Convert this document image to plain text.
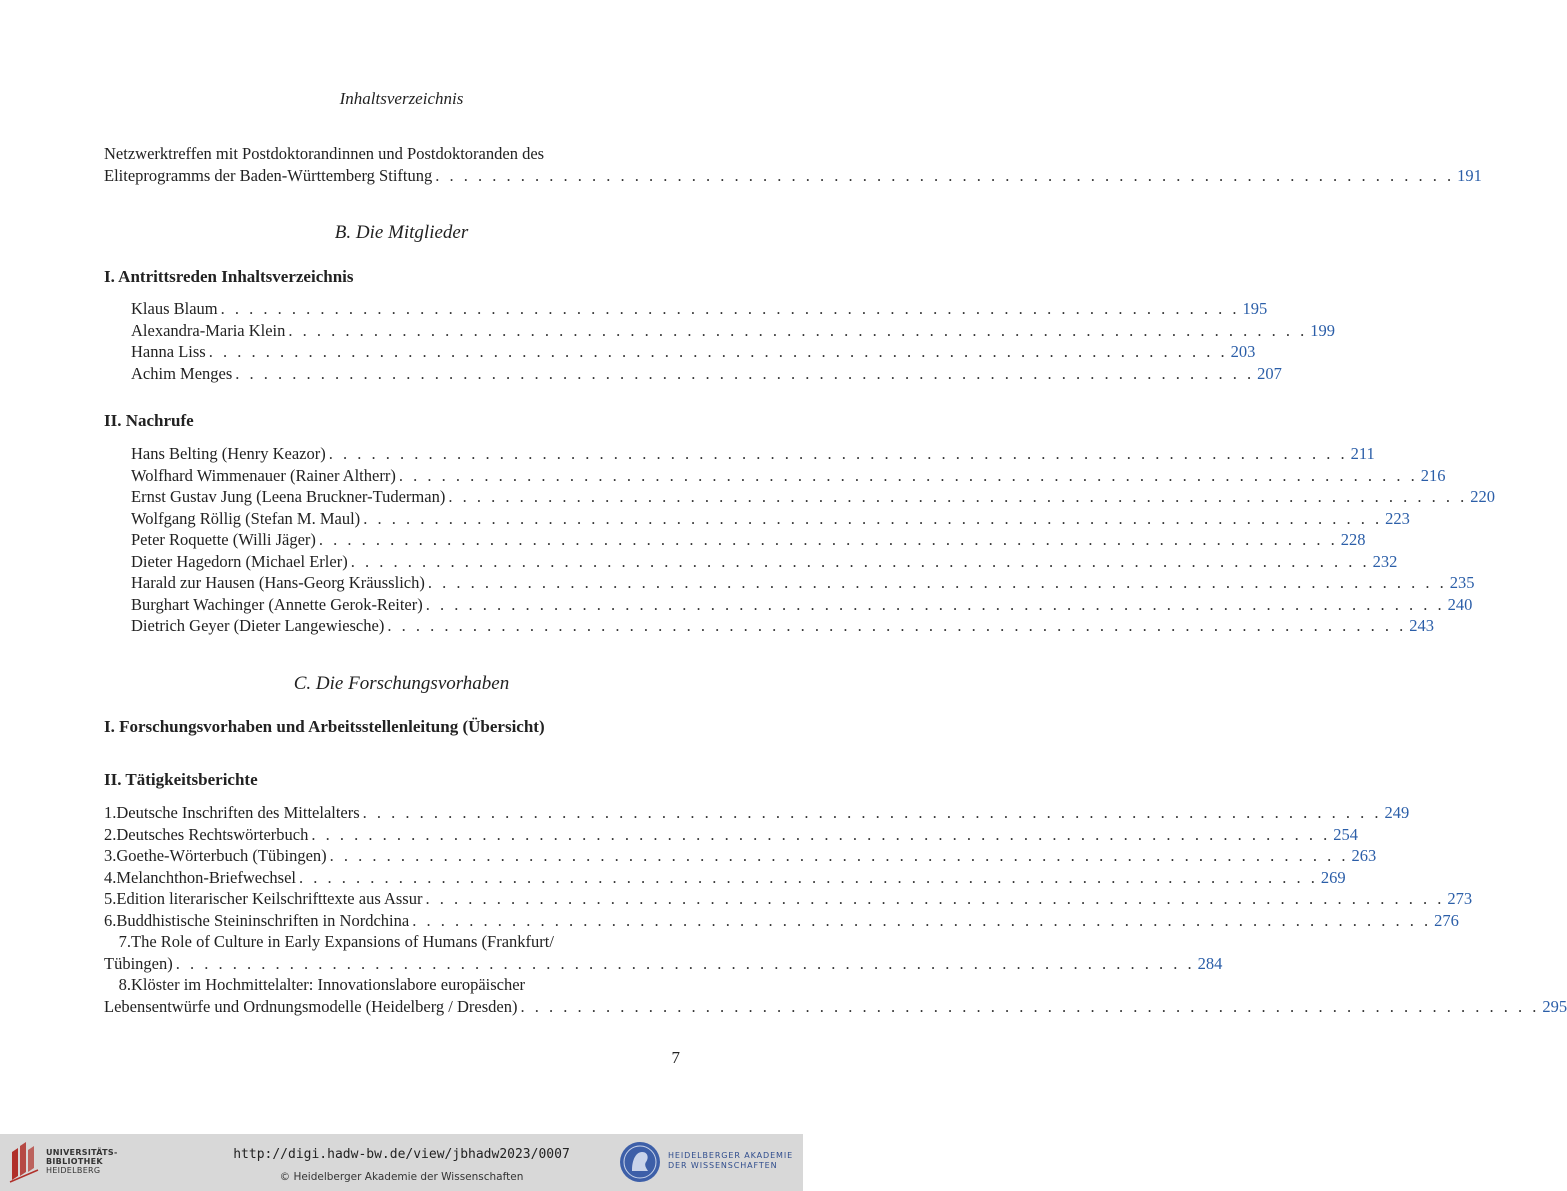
Inhaltsverzeichnis
Netzwerktreffen mit Postdoktorandinnen und Postdoktoranden des
Eliteprogramms der Baden-Württemberg Stiftung . . . . . . . . . . . . . . . . . . . . . . . . . . . . . . . . . . . . . . . . . . . . . . . . . . . . . . . . . . . . . . . . . . . . . . . . 191
B. Die Mitglieder
I. Antrittsreden Inhaltsverzeichnis
Klaus Blaum . . . . . . . . . . . . . . . . . . . . . . . . . . . . . . . . . . . . . . . . . . . . . . . . . . . . . . . . . . . . . . . . . . . . . . . . 195
Alexandra-Maria Klein . . . . . . . . . . . . . . . . . . . . . . . . . . . . . . . . . . . . . . . . . . . . . . . . . . . . . . . . . . . . . . . . . . . . . . . . 199
Hanna Liss . . . . . . . . . . . . . . . . . . . . . . . . . . . . . . . . . . . . . . . . . . . . . . . . . . . . . . . . . . . . . . . . . . . . . . . . 203
Achim Menges . . . . . . . . . . . . . . . . . . . . . . . . . . . . . . . . . . . . . . . . . . . . . . . . . . . . . . . . . . . . . . . . . . . . . . . . 207
II. Nachrufe
Hans Belting (Henry Keazor) . . . . . . . . . . . . . . . . . . . . . . . . . . . . . . . . . . . . . . . . . . . . . . . . . . . . . . . . . . . . . . . . . . . . . . . . 211
Wolfhard Wimmenauer (Rainer Altherr) . . . . . . . . . . . . . . . . . . . . . . . . . . . . . . . . . . . . . . . . . . . . . . . . . . . . . . . . . . . . . . . . . . . . . . . . 216
Ernst Gustav Jung (Leena Bruckner-Tuderman) . . . . . . . . . . . . . . . . . . . . . . . . . . . . . . . . . . . . . . . . . . . . . . . . . . . . . . . . . . . . . . . . . . . . . . . . 220
Wolfgang Röllig (Stefan M. Maul) . . . . . . . . . . . . . . . . . . . . . . . . . . . . . . . . . . . . . . . . . . . . . . . . . . . . . . . . . . . . . . . . . . . . . . . . 223
Peter Roquette (Willi Jäger) . . . . . . . . . . . . . . . . . . . . . . . . . . . . . . . . . . . . . . . . . . . . . . . . . . . . . . . . . . . . . . . . . . . . . . . . 228
Dieter Hagedorn (Michael Erler) . . . . . . . . . . . . . . . . . . . . . . . . . . . . . . . . . . . . . . . . . . . . . . . . . . . . . . . . . . . . . . . . . . . . . . . . 232
Harald zur Hausen (Hans-Georg Kräusslich) . . . . . . . . . . . . . . . . . . . . . . . . . . . . . . . . . . . . . . . . . . . . . . . . . . . . . . . . . . . . . . . . . . . . . . . . 235
Burghart Wachinger (Annette Gerok-Reiter) . . . . . . . . . . . . . . . . . . . . . . . . . . . . . . . . . . . . . . . . . . . . . . . . . . . . . . . . . . . . . . . . . . . . . . . . 240
Dietrich Geyer (Dieter Langewiesche) . . . . . . . . . . . . . . . . . . . . . . . . . . . . . . . . . . . . . . . . . . . . . . . . . . . . . . . . . . . . . . . . . . . . . . . . 243
C. Die Forschungsvorhaben
I. Forschungsvorhaben und Arbeitsstellenleitung (Übersicht)
II. Tätigkeitsberichte
1. Deutsche Inschriften des Mittelalters . . . . . . . . . . . . . . . . . . . . . . . . . . . . . . . . . . . . . . . . . . . . . . . . . . . . . . . . . . . . . . . . . . . . . . . . 249
2. Deutsches Rechtswörterbuch . . . . . . . . . . . . . . . . . . . . . . . . . . . . . . . . . . . . . . . . . . . . . . . . . . . . . . . . . . . . . . . . . . . . . . . . 254
3. Goethe-Wörterbuch (Tübingen) . . . . . . . . . . . . . . . . . . . . . . . . . . . . . . . . . . . . . . . . . . . . . . . . . . . . . . . . . . . . . . . . . . . . . . . . 263
4. Melanchthon-Briefwechsel . . . . . . . . . . . . . . . . . . . . . . . . . . . . . . . . . . . . . . . . . . . . . . . . . . . . . . . . . . . . . . . . . . . . . . . . 269
5. Edition literarischer Keilschrifttexte aus Assur . . . . . . . . . . . . . . . . . . . . . . . . . . . . . . . . . . . . . . . . . . . . . . . . . . . . . . . . . . . . . . . . . . . . . . . . 273
6. Buddhistische Steininschriften in Nordchina . . . . . . . . . . . . . . . . . . . . . . . . . . . . . . . . . . . . . . . . . . . . . . . . . . . . . . . . . . . . . . . . . . . . . . . . 276
7. The Role of Culture in Early Expansions of Humans (Frankfurt/
Tübingen) . . . . . . . . . . . . . . . . . . . . . . . . . . . . . . . . . . . . . . . . . . . . . . . . . . . . . . . . . . . . . . . . . . . . . . . . 284
8. Klöster im Hochmittelalter: Innovationslabore europäischer
Lebensentwürfe und Ordnungsmodelle (Heidelberg / Dresden) . . . . . . . . . . . . . . . . . . . . . . . . . . . . . . . . . . . . . . . . . . . . . . . . . . . . . . . . . . . . . . . . . . . . . . . . 295
7
UNIVERSITÄTS-
BIBLIOTHEK
HEIDELBERG
http://digi.hadw-bw.de/view/jbhadw2023/0007
© Heidelberger Akademie der Wissenschaften
HEIDELBERGER AKADEMIE
DER WISSENSCHAFTEN
